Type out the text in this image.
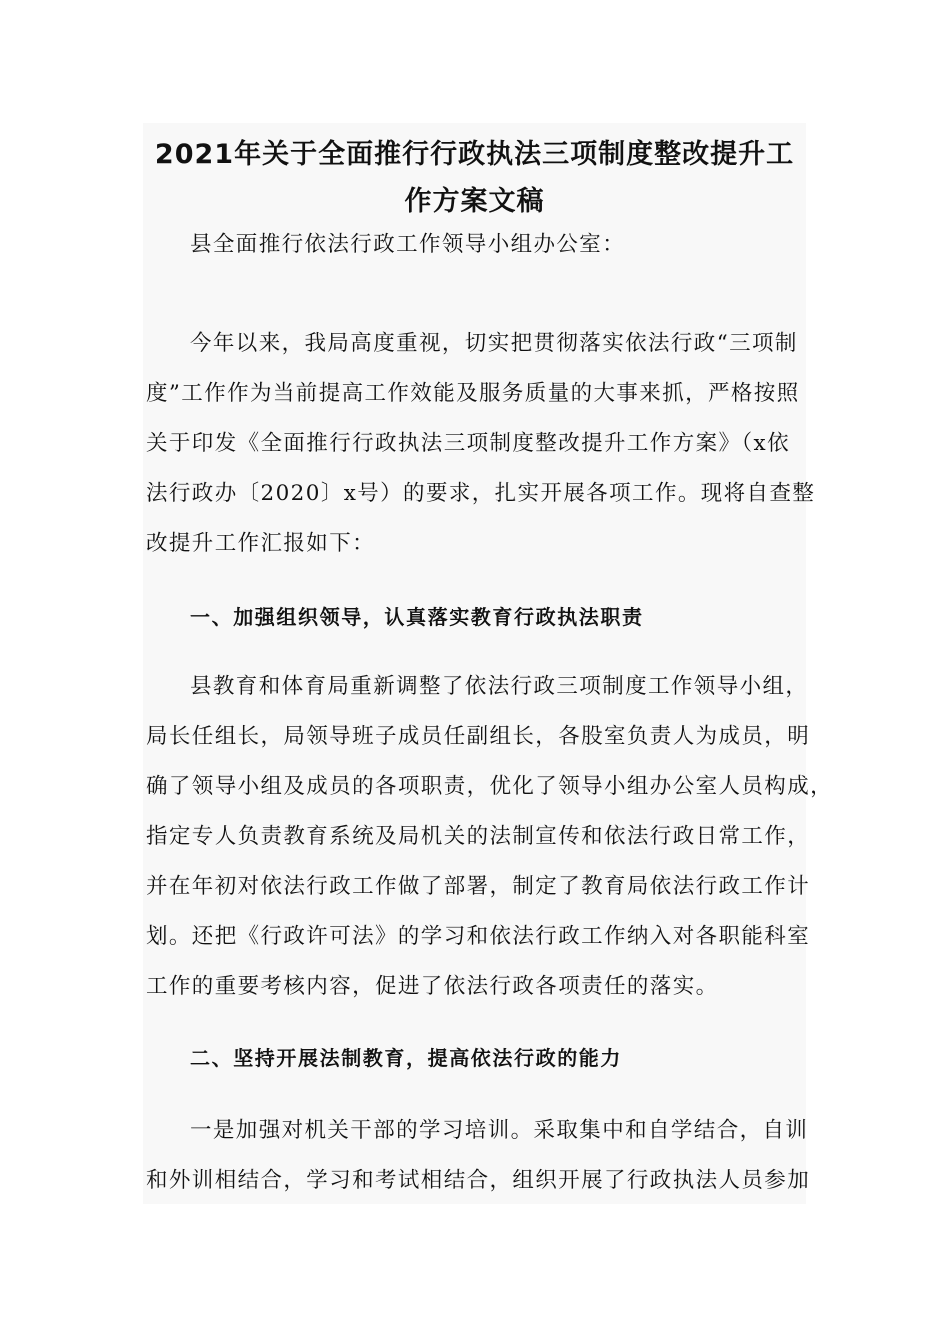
2021年关于全面推行行政执法三项制度整改提升工
作方案文稿
县全面推行依法行政工作领导小组办公室：
今年以来，我局高度重视，切实把贯彻落实依法行政“三项制
度”工作作为当前提高工作效能及服务质量的大事来抓，严格按照
关于印发《全面推行行政执法三项制度整改提升工作方案》（x依
法行政办〔2020〕x号）的要求，扎实开展各项工作。现将自查整
改提升工作汇报如下：
一、加强组织领导，认真落实教育行政执法职责
县教育和体育局重新调整了依法行政三项制度工作领导小组，
局长任组长，局领导班子成员任副组长，各股室负责人为成员，明
确了领导小组及成员的各项职责，优化了领导小组办公室人员构成，
指定专人负责教育系统及局机关的法制宣传和依法行政日常工作，
并在年初对依法行政工作做了部署，制定了教育局依法行政工作计
划。还把《行政许可法》的学习和依法行政工作纳入对各职能科室
工作的重要考核内容，促进了依法行政各项责任的落实。
二、坚持开展法制教育，提高依法行政的能力
一是加强对机关干部的学习培训。采取集中和自学结合，自训
和外训相结合，学习和考试相结合，组织开展了行政执法人员参加
